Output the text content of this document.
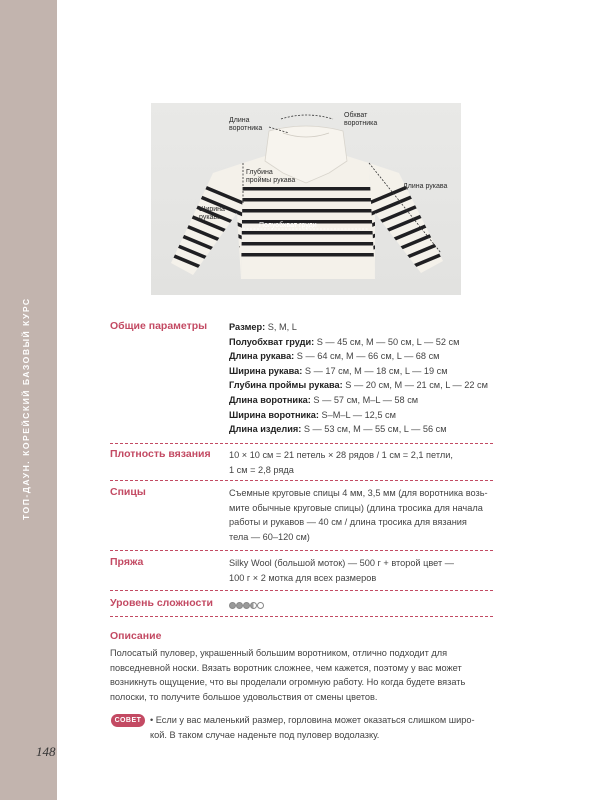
ТОП-ДАУН. КОРЕЙСКИЙ БАЗОВЫЙ КУРС
148
Длина
воротника
Обхват
воротника
Глубина
проймы рукава
Длина рукава
Ширина
рукава
Полуобхват груди
Общие параметры Размер: S, M, L
Полуобхват груди: S — 45 см, M — 50 см, L — 52 см
Длина рукава: S — 64 см, M — 66 см, L — 68 см
Ширина рукава: S — 17 см, M — 18 см, L — 19 см
Глубина проймы рукава: S — 20 см, M — 21 см, L — 22 см
Длина воротника: S — 57 см, M–L — 58 см
Ширина воротника: S–M–L — 12,5 см
Длина изделия: S — 53 см, M — 55 см, L — 56 см
Плотность вязания 10 × 10 см = 21 петель × 28 рядов / 1 см = 2,1 петли,
1 см = 2,8 ряда
Спицы	Съемные круговые спицы 4 мм, 3,5 мм (для воротника возь-
мите обычные круговые спицы) (длина тросика для начала
работы и рукавов — 40 см / длина тросика для вязания
тела — 60–120 см)
Пряжа	Silky Wool (большой моток) — 500 г + второй цвет —
100 г × 2 мотка для всех размеров
Уровень сложности
Описание
Полосатый пуловер, украшенный большим воротником, отлично подходит для
повседневной носки. Вязать воротник сложнее, чем кажется, поэтому у вас может
возникнуть ощущение, что вы проделали огромную работу. Но когда будете вязать
полоски, то получите большое удовольствия от смены цветов.
СОВЕТ • Если у вас маленький размер, горловина может оказаться слишком широ-
кой. В таком случае наденьте под пуловер водолазку.
